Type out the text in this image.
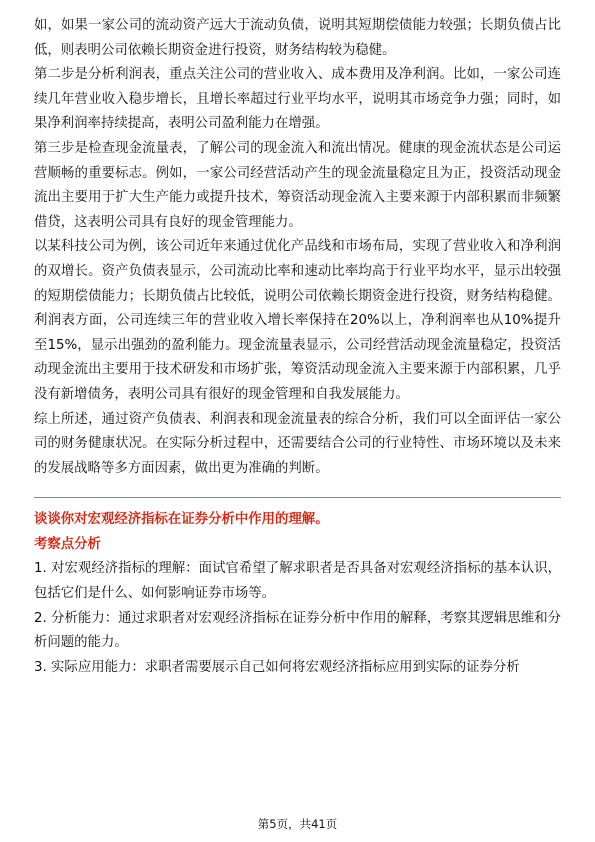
如，如果一家公司的流动资产远大于流动负债，说明其短期偿债能力较强；长期负债占比低，则表明公司依赖长期资金进行投资，财务结构较为稳健。

第二步是分析利润表，重点关注公司的营业收入、成本费用及净利润。比如，一家公司连续几年营业收入稳步增长，且增长率超过行业平均水平，说明其市场竞争力强；同时，如果净利润率持续提高，表明公司盈利能力在增强。

第三步是检查现金流量表，了解公司的现金流入和流出情况。健康的现金流状态是公司运营顺畅的重要标志。例如，一家公司经营活动产生的现金流量稳定且为正，投资活动现金流出主要用于扩大生产能力或提升技术，筹资活动现金流入主要来源于内部积累而非频繁借贷，这表明公司具有良好的现金管理能力。

以某科技公司为例，该公司近年来通过优化产品线和市场布局，实现了营业收入和净利润的双增长。资产负债表显示，公司流动比率和速动比率均高于行业平均水平，显示出较强的短期偿债能力；长期负债占比较低，说明公司依赖长期资金进行投资，财务结构稳健。利润表方面，公司连续三年的营业收入增长率保持在20%以上，净利润率也从10%提升至15%，显示出强劲的盈利能力。现金流量表显示，公司经营活动现金流量稳定，投资活动现金流出主要用于技术研发和市场扩张，筹资活动现金流入主要来源于内部积累，几乎没有新增债务，表明公司具有很好的现金管理和自我发展能力。

综上所述，通过资产负债表、利润表和现金流量表的综合分析，我们可以全面评估一家公司的财务健康状况。在实际分析过程中，还需要结合公司的行业特性、市场环境以及未来的发展战略等多方面因素，做出更为准确的判断。

谈谈你对宏观经济指标在证券分析中作用的理解。

考察点分析

1. 对宏观经济指标的理解：面试官希望了解求职者是否具备对宏观经济指标的基本认识，包括它们是什么、如何影响证券市场等。

2. 分析能力：通过求职者对宏观经济指标在证券分析中作用的解释，考察其逻辑思维和分析问题的能力。

3. 实际应用能力：求职者需要展示自己如何将宏观经济指标应用到实际的证券分析

第5页，共41页
